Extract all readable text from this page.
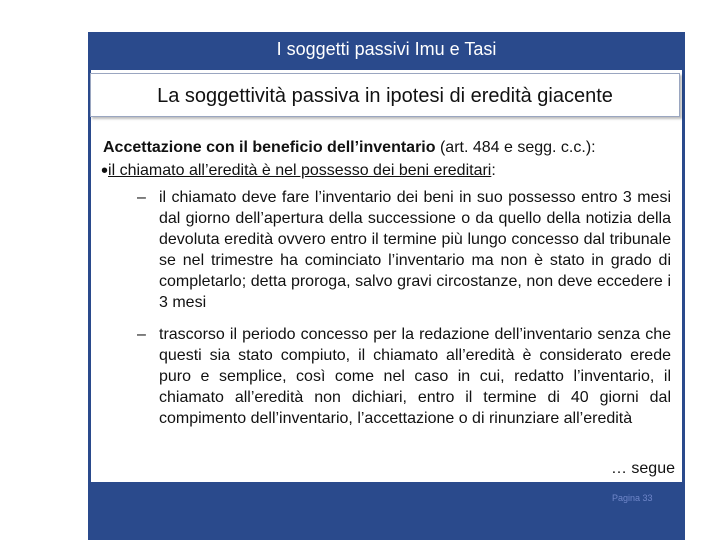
I soggetti passivi Imu e Tasi
La soggettività passiva in ipotesi di eredità giacente
Accettazione con il beneficio dell’inventario (art. 484 e segg. c.c.):
•il chiamato all’eredità è nel possesso dei beni ereditari:
– il chiamato deve fare l’inventario dei beni in suo possesso entro 3 mesi dal giorno dell’apertura della successione o da quello della notizia della devoluta eredità ovvero entro il termine più lungo concesso dal tribunale se nel trimestre ha cominciato l’inventario ma non è stato in grado di completarlo; detta proroga, salvo gravi circostanze, non deve eccedere i 3 mesi
– trascorso il periodo concesso per la redazione dell’inventario senza che questi sia stato compiuto, il chiamato all’eredità è considerato erede puro e semplice, così come nel caso in cui, redatto l’inventario, il chiamato all’eredità non dichiari, entro il termine di 40 giorni dal compimento dell’inventario, l’accettazione o di rinunziare all’eredità
… segue
Pagina 33
